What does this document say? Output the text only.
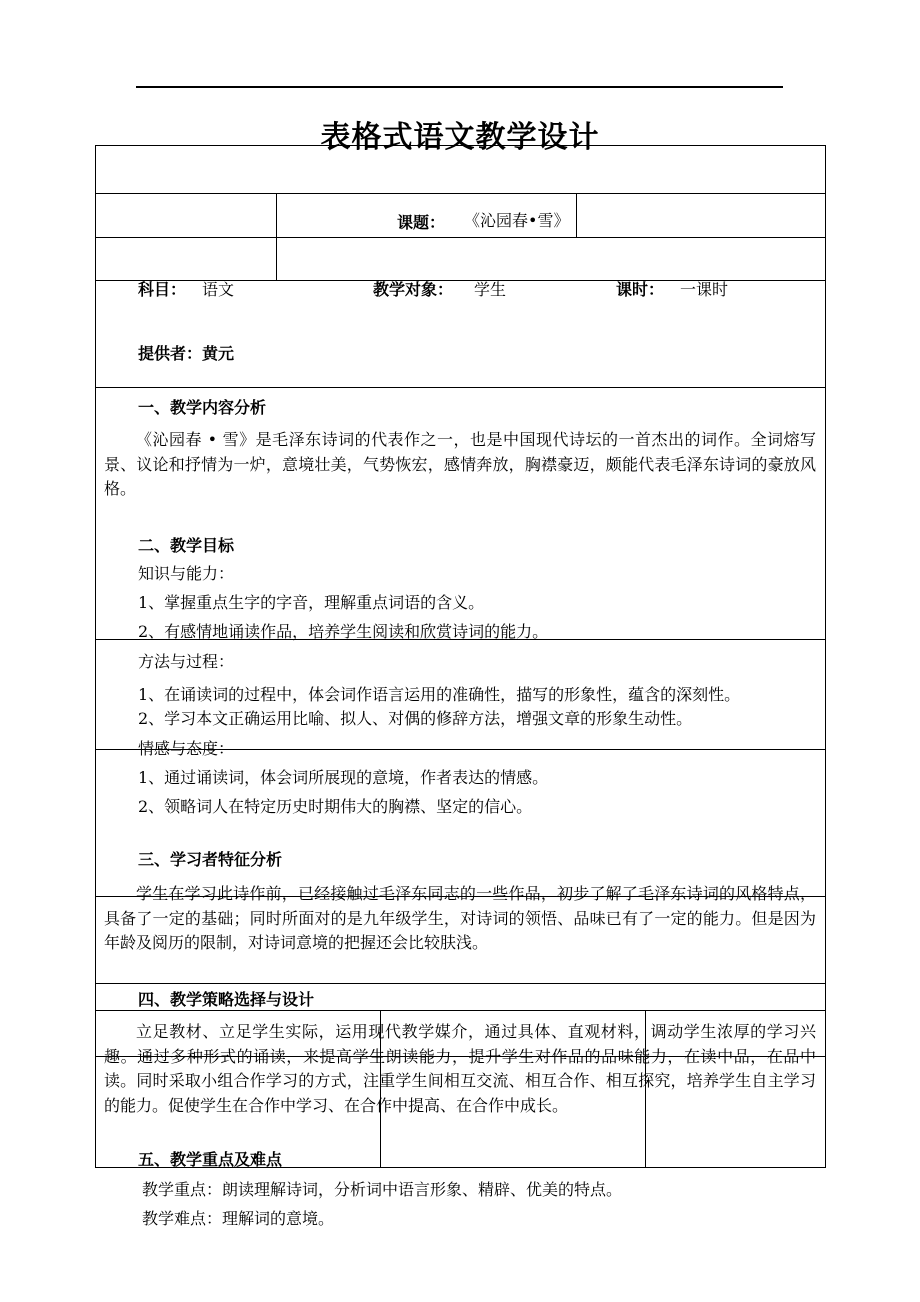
表格式语文教学设计
课题： 《沁园春•雪》
科目： 语文	教学对象： 学生	课时： 一课时
提供者：黄元
一、教学内容分析
《沁园春 • 雪》是毛泽东诗词的代表作之一，也是中国现代诗坛的一首杰出的词作。全词熔写景、议论和抒情为一炉，意境壮美，气势恢宏，感情奔放，胸襟豪迈，颇能代表毛泽东诗词的豪放风格。
二、教学目标
知识与能力：
1、掌握重点生字的字音，理解重点词语的含义。
2、有感情地诵读作品，培养学生阅读和欣赏诗词的能力。
方法与过程：
1、在诵读词的过程中，体会词作语言运用的准确性，描写的形象性，蕴含的深刻性。
2、学习本文正确运用比喻、拟人、对偶的修辞方法，增强文章的形象生动性。
情感与态度：
1、通过诵读词，体会词所展现的意境，作者表达的情感。
2、领略词人在特定历史时期伟大的胸襟、坚定的信心。
三、学习者特征分析
学生在学习此诗作前，已经接触过毛泽东同志的一些作品，初步了解了毛泽东诗词的风格特点，具备了一定的基础；同时所面对的是九年级学生，对诗词的领悟、品味已有了一定的能力。但是因为年龄及阅历的限制，对诗词意境的把握还会比较肤浅。
四、教学策略选择与设计
立足教材、立足学生实际，运用现代教学媒介，通过具体、直观材料，调动学生浓厚的学习兴趣。通过多种形式的诵读，来提高学生朗读能力，提升学生对作品的品味能力，在读中品，在品中读。同时采取小组合作学习的方式，注重学生间相互交流、相互合作、相互探究，培养学生自主学习的能力。促使学生在合作中学习、在合作中提高、在合作中成长。
五、教学重点及难点
教学重点：朗读理解诗词，分析词中语言形象、精辟、优美的特点。
教学难点：理解词的意境。
